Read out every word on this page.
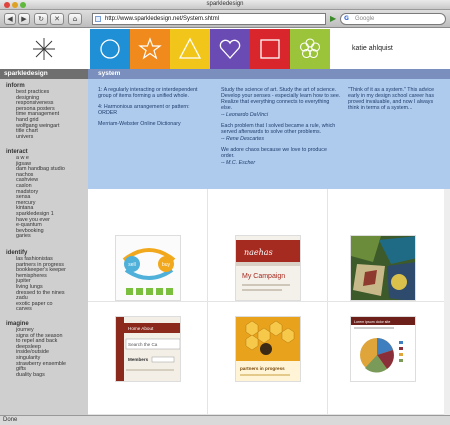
sparkledesign
◀	▶	↻	✕	⌂	http://www.sparkledesign.net/System.shtml	▶	Google
G
katie ahlquist
sparkledesign
inform
best practices
designing
responsiveness
persona posters
time management
hand grid
wolfgang weingart
title chart
univers
interact
a w e
jigsaw
dam handbag studio
nachos
cashview
caslon
madstory
sensa
mercury
kintana
sparkledesign 1
have you ever
e-quantum
bevbooking
garies
identify
las fashionistas
partners in progress
bookkeeper's keeper
hemispheres
jupiter
living lungs
dressed to the nines
zadu
exotic paper co
carves
imagine
journey
signs of the season
to repel and back
deepsleep
inside/outside
singularity
strawberry ensemble
gifts
duality bags
system

1: A regularly interacting or interdependent group of items forming a unified whole.

4: Harmonious arrangement or pattern: ORDER

Merriam-Webster Online Dictionary

Study the science of art. Study the art of science. Develop your senses - especially learn how to see. Realize that everything connects to everything else.

-- Leonardo DaVinci

Each problem that I solved became a rule, which served afterwards to solve other problems.

-- Rene Descartes

We adore chaos because we love to produce order.

-- M.C. Escher

"Think of it as a system." This advice early in my design school career has proved invaluable, and now I always think in terms of a system...

sell	buy
naehas
My Campaign
Home About
Search the Ca
Members
partners in progress
Lorem ipsum dolor site
Done
